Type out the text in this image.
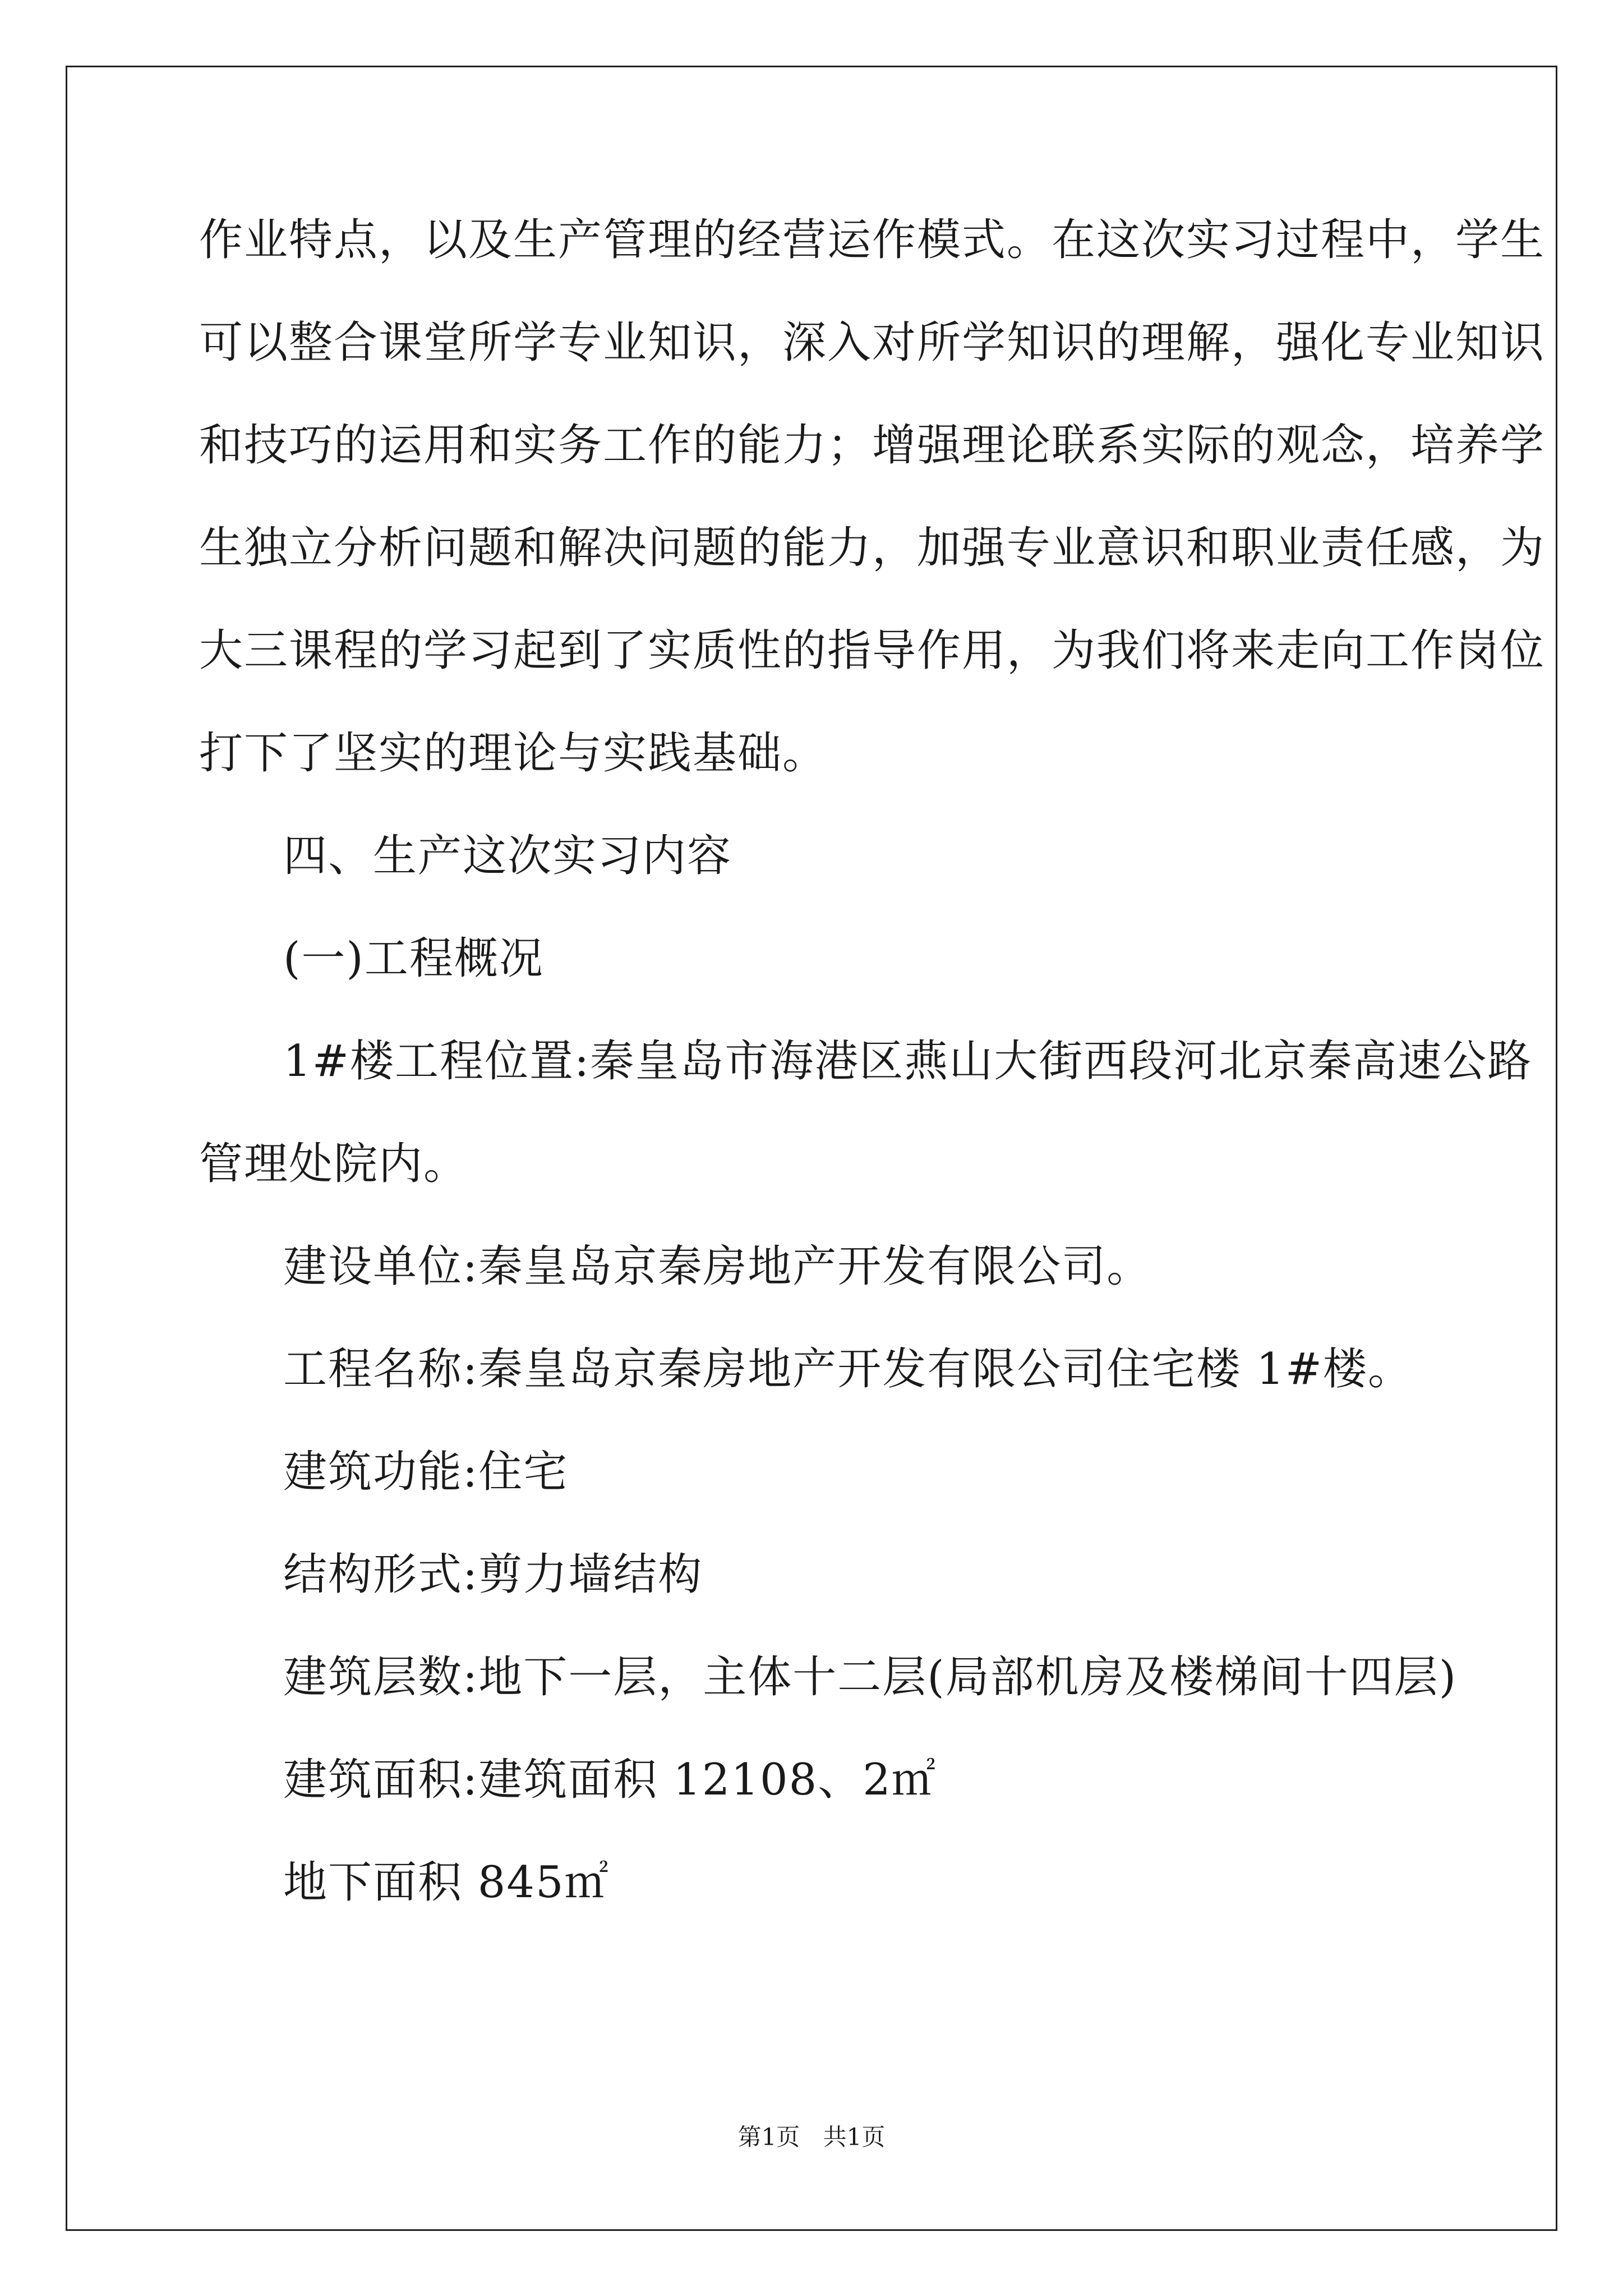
作业特点，以及生产管理的经营运作模式。在这次实习过程中，学生
可以整合课堂所学专业知识，深入对所学知识的理解，强化专业知识
和技巧的运用和实务工作的能力；增强理论联系实际的观念，培养学
生独立分析问题和解决问题的能力，加强专业意识和职业责任感，为
大三课程的学习起到了实质性的指导作用，为我们将来走向工作岗位
打下了坚实的理论与实践基础。
四、生产这次实习内容
(一)工程概况
1#楼工程位置:秦皇岛市海港区燕山大街西段河北京秦高速公路
管理处院内。
建设单位:秦皇岛京秦房地产开发有限公司。
工程名称:秦皇岛京秦房地产开发有限公司住宅楼 1#楼。
建筑功能:住宅
结构形式:剪力墙结构
建筑层数:地下一层，主体十二层(局部机房及楼梯间十四层)
建筑面积:建筑面积 12108、2㎡
地下面积 845㎡
第1页 共1页
